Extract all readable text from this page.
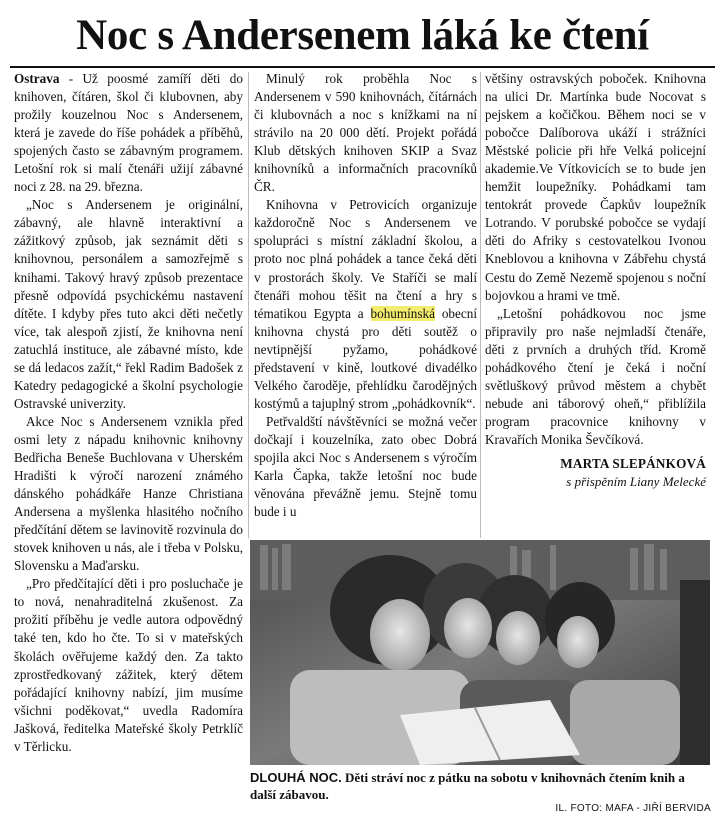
Noc s Andersenem láká ke čtení

Ostrava - Už poosmé zamíří děti do knihoven, čítáren, škol či klubovnen, aby prožily kouzelnou Noc s Andersenem, která je zavede do říše pohádek a příběhů, spojených často se zábavným programem. Letošní rok si malí čtenáři užijí zábavné noci z 28. na 29. března.

„Noc s Andersenem je originální, zábavný, ale hlavně interaktivní a zážitkový způsob, jak seznámit děti s knihovnou, personálem a samozřejmě s knihami. Takový hravý způsob prezentace přesně odpovídá psychickému nastavení dítěte. I kdyby přes tuto akci děti nečetly více, tak alespoň zjistí, že knihovna není zatuchlá instituce, ale zábavné místo, kde se dá ledacos zažít,“ řekl Radim Badošek z Katedry pedagogické a školní psychologie Ostravské univerzity.

Akce Noc s Andersenem vznikla před osmi lety z nápadu knihovnic knihovny Bedřicha Beneše Buchlovana v Uherském Hradišti k výročí narození známého dánského pohádkáře Hanze Christiana Andersena a myšlenka hlasitého nočního předčítání dětem se lavinovitě rozvinula do stovek knihoven u nás, ale i třeba v Polsku, Slovensku a Maďarsku.

„Pro předčítající děti i pro posluchače je to nová, nenahraditelná zkušenost. Za prožití příběhu je vedle autora odpovědný také ten, kdo ho čte. To si v mateřských školách ověřujeme každý den. Za takto zprostředkovaný zážitek, který dětem pořádající knihovny nabízí, jim musíme všichni poděkovat,“ uvedla Radomíra Jašková, ředitelka Mateřské školy Petrklíč v Těrlicku.

Minulý rok proběhla Noc s Andersenem v 590 knihovnách, čítárnách či klubovnách a noc s knížkami na ní strávilo na 20 000 dětí. Projekt pořádá Klub dětských knihoven SKIP a Svaz knihovníků a informačních pracovníků ČR.

Knihovna v Petrovicích organizuje každoročně Noc s Andersenem ve spolupráci s místní základní školou, a proto noc plná pohádek a tance čeká děti v prostorách školy. Ve Staříči se malí čtenáři mohou těšit na čtení a hry s tématikou Egypta a bohumínská obecní knihovna chystá pro děti soutěž o nevtipnější pyžamo, pohádkové představení v kině, loutkové divadélko Velkého čaroděje, přehlídku čarodějných kostýmů a tajuplný strom „pohádkovník“.

Petřvaldští návštěvníci se možná večer dočkají i kouzelníka, zato obec Dobrá spojila akci Noc s Andersenem s výročím Karla Čapka, takže letošní noc bude věnována převážně jemu. Stejně tomu bude i u

většiny ostravských poboček. Knihovna na ulici Dr. Martínka bude Nocovat s pejskem a kočičkou. Během noci se v pobočce Dalíborova ukáží i strážníci Městské policie při hře Velká policejní akademie.Ve Vítkovicích se to bude jen hemžit loupežníky. Pohádkami tam tentokrát provede Čapkův loupežník Lotrando. V porubské pobočce se vydají děti do Afriky s cestovatelkou Ivonou Kneblovou a knihovna v Zábřehu chystá Cestu do Země Nezemě spojenou s noční bojovkou a hrami ve tmě.

„Letošní pohádkovou noc jsme připravily pro naše nejmladší čtenáře, děti z prvních a druhých tříd. Kromě pohádkového čtení je čeká i noční světluškový průvod městem a chybět nebude ani táborový oheň,“ přiblížila program pracovnice knihovny v Kravařích Monika Ševčíková.

MARTA SLEPÁNKOVÁ
s přispěním Liany Melecké
DLOUHÁ NOC. Děti stráví noc z pátku na sobotu v knihovnách čtením knih a další zábavou.
IL. FOTO: MAFA - JIŘÍ BERVIDA
